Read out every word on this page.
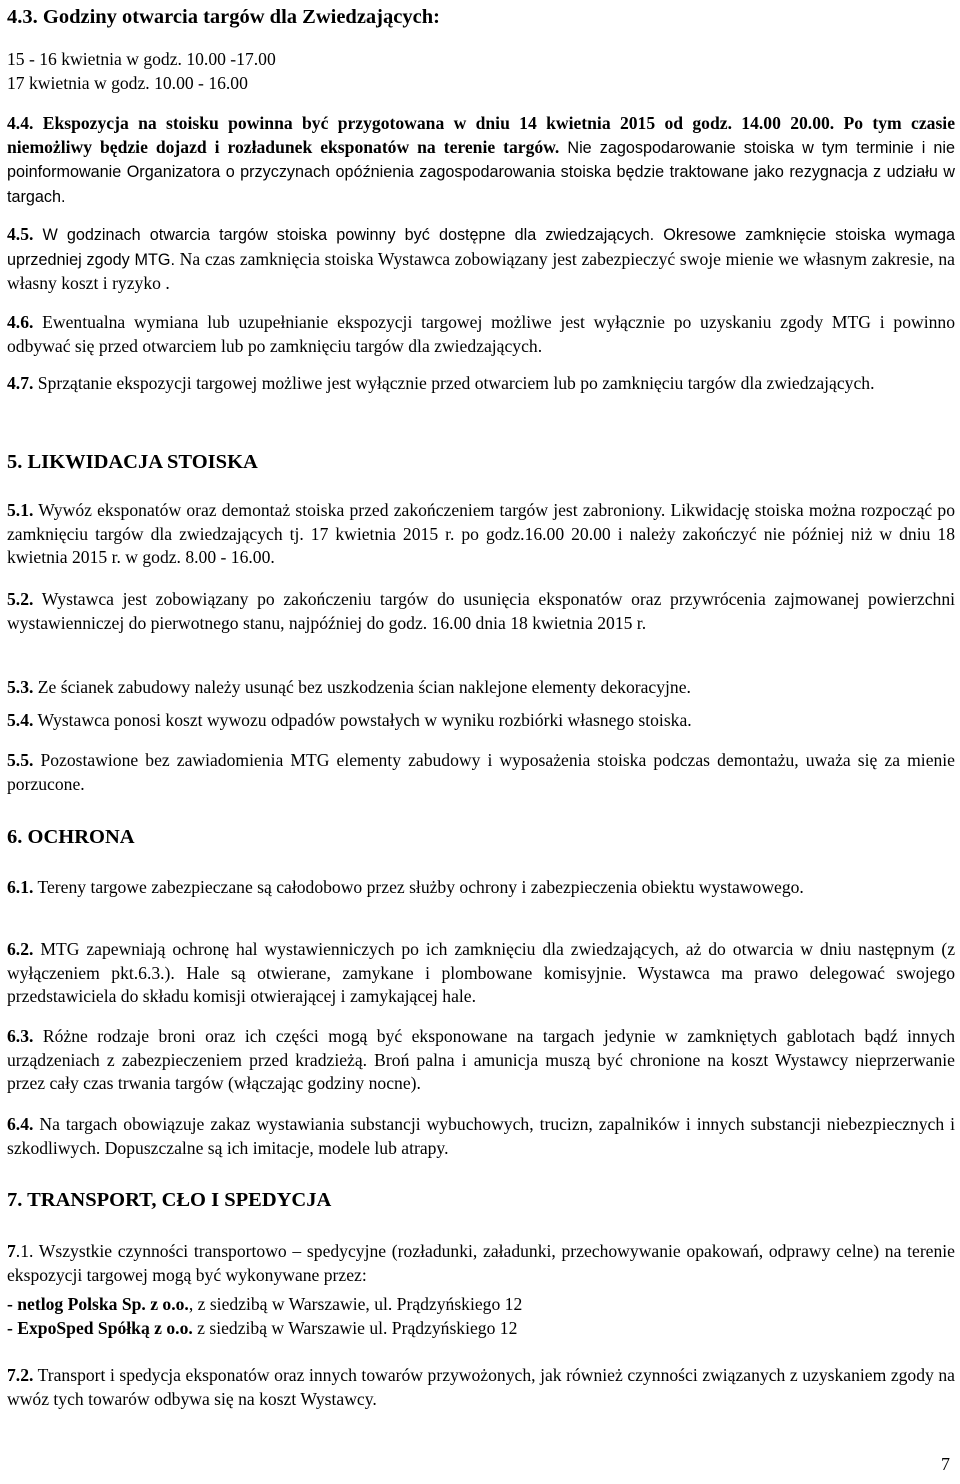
4.3. Godziny otwarcia targów dla Zwiedzających:
15 - 16 kwietnia w godz. 10.00 -17.00
17 kwietnia w godz. 10.00 - 16.00
4.4. Ekspozycja na stoisku powinna być przygotowana w dniu 14 kwietnia 2015 od godz. 14.00 20.00. Po tym czasie niemożliwy będzie dojazd i rozładunek eksponatów na terenie targów. Nie zagospodarowanie stoiska w tym terminie i nie poinformowanie Organizatora o przyczynach opóźnienia zagospodarowania stoiska będzie traktowane jako rezygnacja z udziału w targach.
4.5. W godzinach otwarcia targów stoiska powinny być dostępne dla zwiedzających. Okresowe zamknięcie stoiska wymaga uprzedniej zgody MTG. Na czas zamknięcia stoiska Wystawca zobowiązany jest zabezpieczyć swoje mienie we własnym zakresie, na własny koszt i ryzyko .
4.6. Ewentualna wymiana lub uzupełnianie ekspozycji targowej możliwe jest wyłącznie po uzyskaniu zgody MTG i powinno odbywać się przed otwarciem lub po zamknięciu targów dla zwiedzających.
4.7. Sprzątanie ekspozycji targowej możliwe jest wyłącznie przed otwarciem lub po zamknięciu targów dla zwiedzających.
5. LIKWIDACJA STOISKA
5.1. Wywóz eksponatów oraz demontaż stoiska przed zakończeniem targów jest zabroniony. Likwidację stoiska można rozpocząć po zamknięciu targów dla zwiedzających tj. 17 kwietnia 2015 r. po godz.16.00 20.00 i należy zakończyć nie później niż w dniu 18 kwietnia 2015 r. w godz. 8.00 - 16.00.
5.2. Wystawca jest zobowiązany po zakończeniu targów do usunięcia eksponatów oraz przywrócenia zajmowanej powierzchni wystawienniczej do pierwotnego stanu, najpóźniej do godz. 16.00 dnia 18 kwietnia 2015 r.
5.3. Ze ścianek zabudowy należy usunąć bez uszkodzenia ścian naklejone elementy dekoracyjne.
5.4. Wystawca ponosi koszt wywozu odpadów powstałych w wyniku rozbiórki własnego stoiska.
5.5. Pozostawione bez zawiadomienia MTG elementy zabudowy i wyposażenia stoiska podczas demontażu, uważa się za mienie porzucone.
6. OCHRONA
6.1. Tereny targowe zabezpieczane są całodobowo przez służby ochrony i zabezpieczenia obiektu wystawowego.
6.2. MTG zapewniają ochronę hal wystawienniczych po ich zamknięciu dla zwiedzających, aż do otwarcia w dniu następnym (z wyłączeniem pkt.6.3.). Hale są otwierane, zamykane i plombowane komisyjnie. Wystawca ma prawo delegować swojego przedstawiciela do składu komisji otwierającej i zamykającej hale.
6.3. Różne rodzaje broni oraz ich części mogą być eksponowane na targach jedynie w zamkniętych gablotach bądź innych urządzeniach z zabezpieczeniem przed kradzieżą. Broń palna i amunicja muszą być chronione na koszt Wystawcy nieprzerwanie przez cały czas trwania targów (włączając godziny nocne).
6.4. Na targach obowiązuje zakaz wystawiania substancji wybuchowych, trucizn, zapalników i innych substancji niebezpiecznych i szkodliwych. Dopuszczalne są ich imitacje, modele lub atrapy.
7. TRANSPORT, CŁO I SPEDYCJA
7.1. Wszystkie czynności transportowo – spedycyjne (rozładunki, załadunki, przechowywanie opakowań, odprawy celne) na terenie ekspozycji targowej mogą być wykonywane przez:
- netlog Polska Sp. z o.o., z siedzibą w Warszawie, ul. Prądzyńskiego 12
- ExpoSped Spółką z o.o. z siedzibą w Warszawie ul. Prądzyńskiego 12
7.2. Transport i spedycja eksponatów oraz innych towarów przywożonych, jak również czynności związanych z uzyskaniem zgody na wwóz tych towarów odbywa się na koszt Wystawcy.
7
